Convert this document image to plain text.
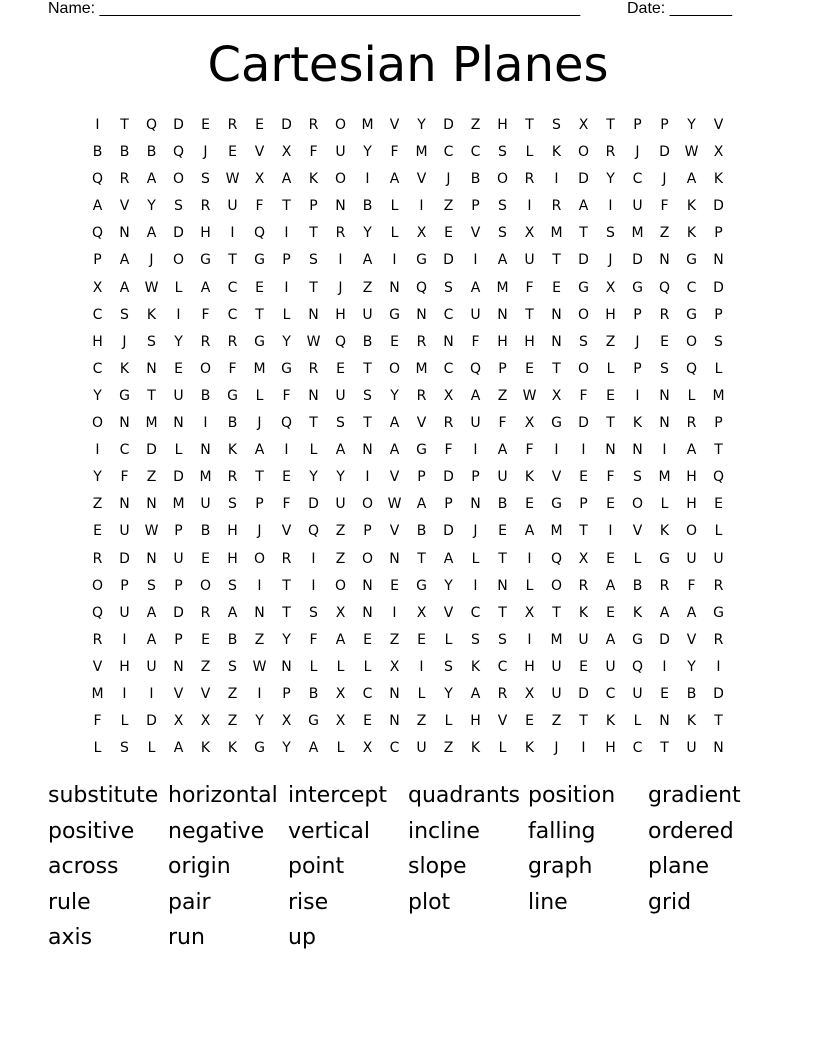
Name: ______________________________________________________	Date: _______
Cartesian Planes
I	T	Q	D	E	R	E	D	R	O	M	V	Y	D	Z	H	T	S	X	T	P	P	Y	V
B	B	B	Q	J	E	V	X	F	U	Y	F	M	C	C	S	L	K	O	R	J	D	W	X
Q	R	A	O	S	W	X	A	K	O	I	A	V	J	B	O	R	I	D	Y	C	J	A	K
A	V	Y	S	R	U	F	T	P	N	B	L	I	Z	P	S	I	R	A	I	U	F	K	D
Q	N	A	D	H	I	Q	I	T	R	Y	L	X	E	V	S	X	M	T	S	M	Z	K	P
P	A	J	O	G	T	G	P	S	I	A	I	G	D	I	A	U	T	D	J	D	N	G	N
X	A	W	L	A	C	E	I	T	J	Z	N	Q	S	A	M	F	E	G	X	G	Q	C	D
C	S	K	I	F	C	T	L	N	H	U	G	N	C	U	N	T	N	O	H	P	R	G	P
H	J	S	Y	R	R	G	Y	W	Q	B	E	R	N	F	H	H	N	S	Z	J	E	O	S
C	K	N	E	O	F	M	G	R	E	T	O	M	C	Q	P	E	T	O	L	P	S	Q	L
Y	G	T	U	B	G	L	F	N	U	S	Y	R	X	A	Z	W	X	F	E	I	N	L	M
O	N	M	N	I	B	J	Q	T	S	T	A	V	R	U	F	X	G	D	T	K	N	R	P
I	C	D	L	N	K	A	I	L	A	N	A	G	F	I	A	F	I	I	N	N	I	A	T
Y	F	Z	D	M	R	T	E	Y	Y	I	V	P	D	P	U	K	V	E	F	S	M	H	Q
Z	N	N	M	U	S	P	F	D	U	O	W	A	P	N	B	E	G	P	E	O	L	H	E
E	U	W	P	B	H	J	V	Q	Z	P	V	B	D	J	E	A	M	T	I	V	K	O	L
R	D	N	U	E	H	O	R	I	Z	O	N	T	A	L	T	I	Q	X	E	L	G	U	U
O	P	S	P	O	S	I	T	I	O	N	E	G	Y	I	N	L	O	R	A	B	R	F	R
Q	U	A	D	R	A	N	T	S	X	N	I	X	V	C	T	X	T	K	E	K	A	A	G
R	I	A	P	E	B	Z	Y	F	A	E	Z	E	L	S	S	I	M	U	A	G	D	V	R
V	H	U	N	Z	S	W	N	L	L	L	X	I	S	K	C	H	U	E	U	Q	I	Y	I
M	I	I	V	V	Z	I	P	B	X	C	N	L	Y	A	R	X	U	D	C	U	E	B	D
F	L	D	X	X	Z	Y	X	G	X	E	N	Z	L	H	V	E	Z	T	K	L	N	K	T
L	S	L	A	K	K	G	Y	A	L	X	C	U	Z	K	L	K	J	I	H	C	T	U	N
substitute horizontal intercept quadrants position	gradient
positive	negative	vertical	incline	falling	ordered
across	origin	point	slope	graph	plane
rule	pair	rise	plot	line	grid
axis	run	up
